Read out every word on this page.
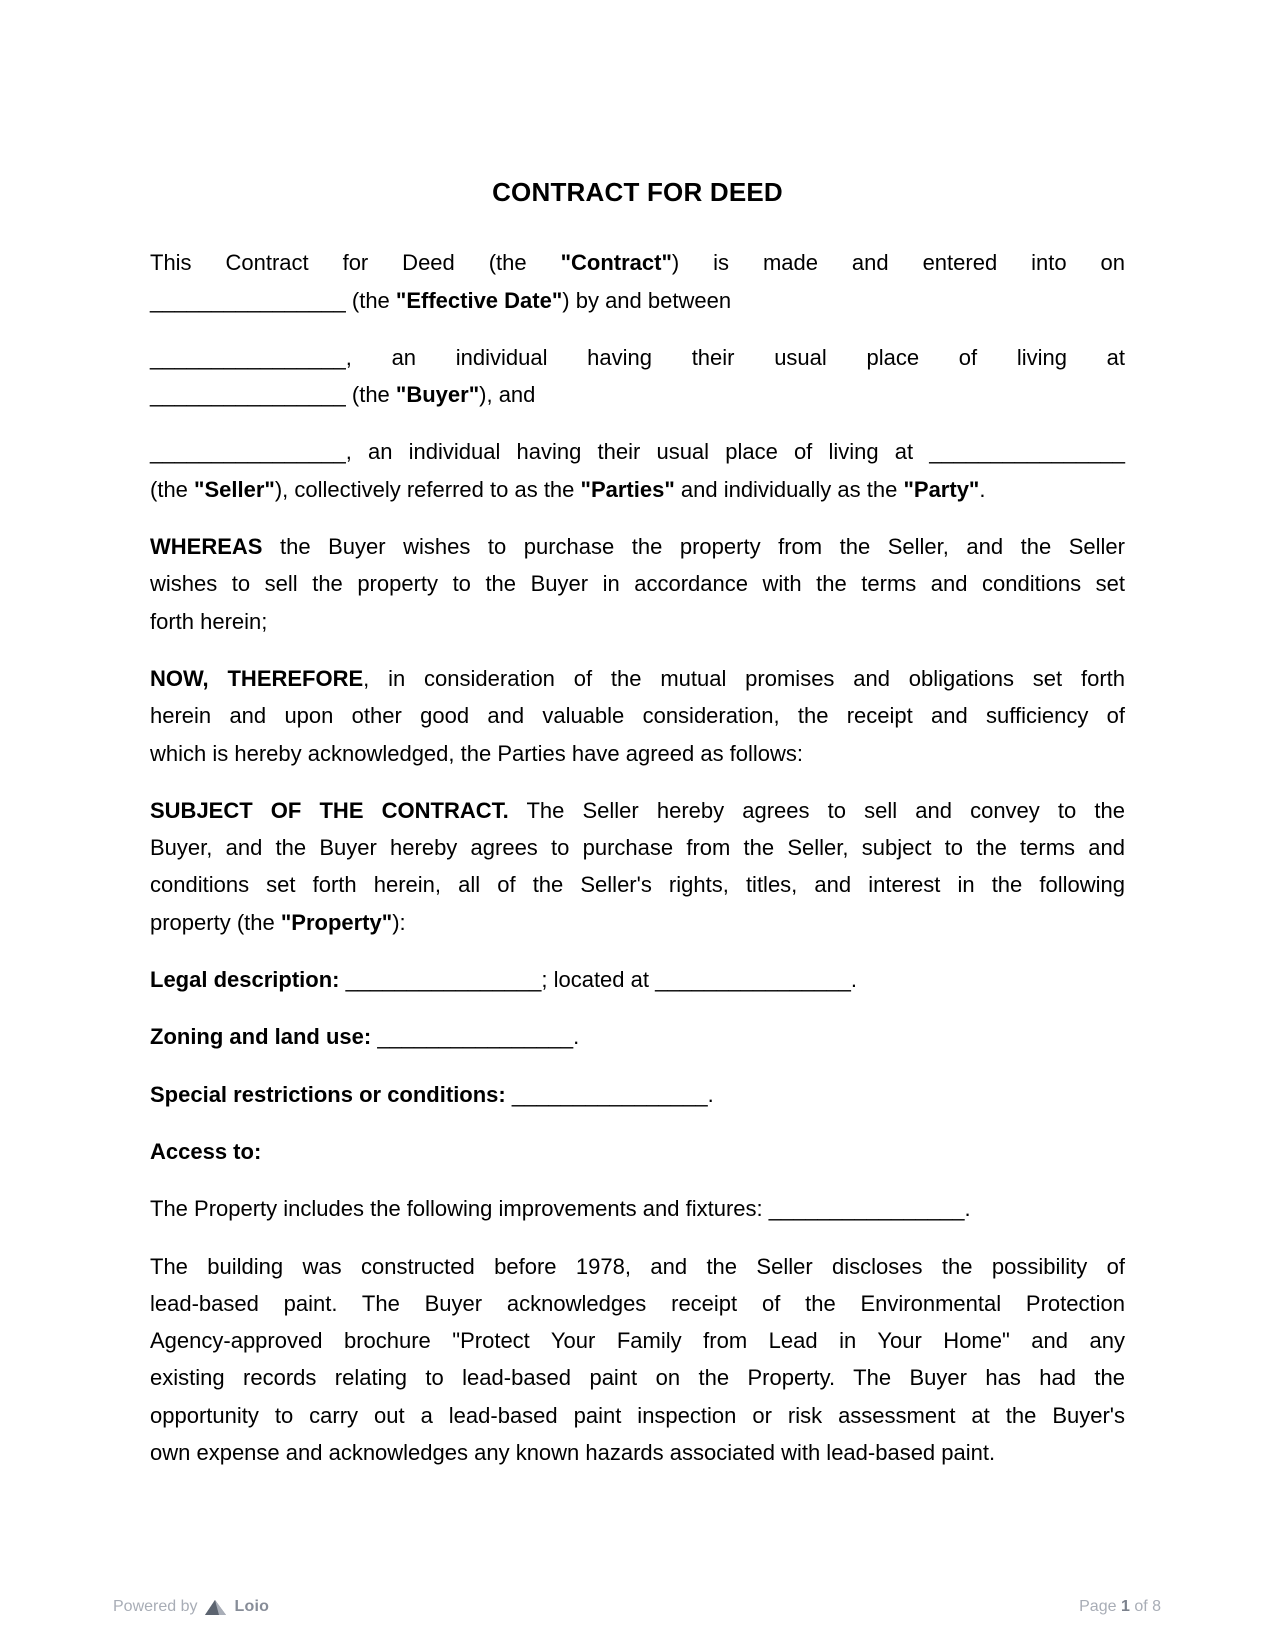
CONTRACT FOR DEED
This Contract for Deed (the "Contract") is made and entered into on
________________ (the "Effective Date") by and between
________________, an individual having their usual place of living at
________________ (the "Buyer"), and
________________, an individual having their usual place of living at ________________
(the "Seller"), collectively referred to as the "Parties" and individually as the "Party".
WHEREAS the Buyer wishes to purchase the property from the Seller, and the Seller
wishes to sell the property to the Buyer in accordance with the terms and conditions set
forth herein;
NOW, THEREFORE, in consideration of the mutual promises and obligations set forth
herein and upon other good and valuable consideration, the receipt and sufficiency of
which is hereby acknowledged, the Parties have agreed as follows:
SUBJECT OF THE CONTRACT. The Seller hereby agrees to sell and convey to the
Buyer, and the Buyer hereby agrees to purchase from the Seller, subject to the terms and
conditions set forth herein, all of the Seller's rights, titles, and interest in the following
property (the "Property"):
Legal description: ________________; located at ________________.
Zoning and land use: ________________.
Special restrictions or conditions: ________________.
Access to:
The Property includes the following improvements and fixtures: ________________.
The building was constructed before 1978, and the Seller discloses the possibility of
lead-based paint. The Buyer acknowledges receipt of the Environmental Protection
Agency-approved brochure "Protect Your Family from Lead in Your Home" and any
existing records relating to lead-based paint on the Property. The Buyer has had the
opportunity to carry out a lead-based paint inspection or risk assessment at the Buyer's
own expense and acknowledges any known hazards associated with lead-based paint.
Powered by Loio	Page 1 of 8
